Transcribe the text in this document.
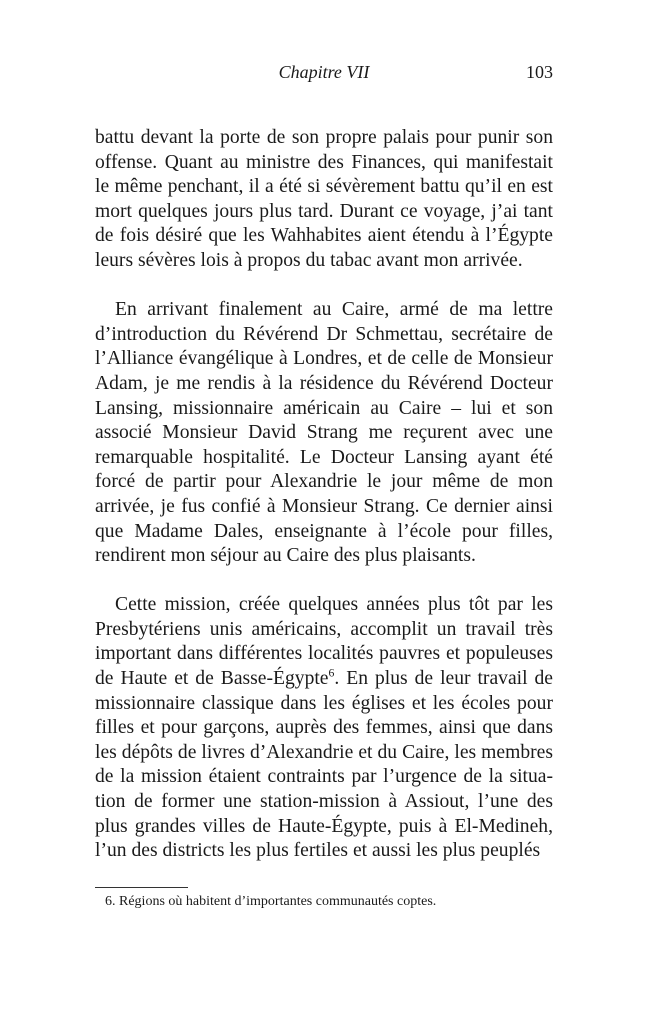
Chapitre VII	103

battu devant la porte de son propre palais pour punir son offense. Quant au ministre des Finances, qui manifestait le même penchant, il a été si sévèrement battu qu’il en est mort quelques jours plus tard. Durant ce voyage, j’ai tant de fois désiré que les Wahhabites aient étendu à l’Égypte leurs sévères lois à propos du tabac avant mon arrivée.

En arrivant finalement au Caire, armé de ma lettre d’introduction du Révérend Dr Schmettau, secrétaire de l’Alliance évangélique à Londres, et de celle de Monsieur Adam, je me rendis à la résidence du Révérend Docteur Lansing, missionnaire américain au Caire – lui et son associé Monsieur David Strang me reçurent avec une remarquable hospitalité. Le Docteur Lansing ayant été forcé de partir pour Alexandrie le jour même de mon arrivée, je fus confié à Monsieur Strang. Ce dernier ainsi que Madame Dales, enseignante à l’école pour filles, rendirent mon séjour au Caire des plus plaisants.

Cette mission, créée quelques années plus tôt par les Presbytériens unis américains, accomplit un travail très important dans différentes localités pauvres et populeuses de Haute et de Basse-Égypte$^6$. En plus de leur travail de missionnaire classique dans les églises et les écoles pour filles et pour garçons, auprès des femmes, ainsi que dans les dépôts de livres d’Alexandrie et du Caire, les membres de la mission étaient contraints par l’urgence de la situation de former une station-mission à Assiout, l’une des plus grandes villes de Haute-Égypte, puis à El-Medineh, l’un des districts les plus fertiles et aussi les plus peuplés

6. Régions où habitent d’importantes communautés coptes.
